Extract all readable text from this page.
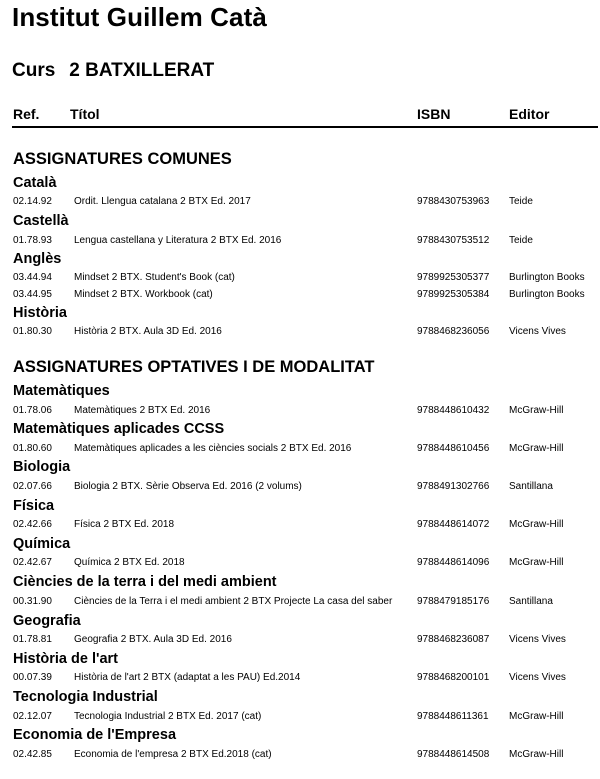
Institut Guillem Catà
Curs 2 BATXILLERAT
Ref. Títol	ISBN	Editor
ASSIGNATURES COMUNES
Català
02.14.92 Ordit. Llengua catalana 2 BTX Ed. 2017	9788430753963 Teide
Castellà
01.78.93 Lengua castellana y Literatura 2 BTX Ed. 2016	9788430753512 Teide
Anglès
03.44.94 Mindset 2 BTX. Student's Book (cat)	9789925305377 Burlington Books
03.44.95 Mindset 2 BTX. Workbook (cat)	9789925305384 Burlington Books
Història
01.80.30 Història 2 BTX. Aula 3D Ed. 2016	9788468236056 Vicens Vives
ASSIGNATURES OPTATIVES I DE MODALITAT
Matemàtiques
01.78.06 Matemàtiques 2 BTX Ed. 2016	9788448610432 McGraw-Hill
Matemàtiques aplicades CCSS
01.80.60 Matemàtiques aplicades a les ciències socials 2 BTX Ed. 2016	9788448610456 McGraw-Hill
Biologia
02.07.66 Biologia 2 BTX. Sèrie Observa Ed. 2016 (2 volums)	9788491302766 Santillana
Física
02.42.66 Física 2 BTX Ed. 2018	9788448614072 McGraw-Hill
Química
02.42.67 Química 2 BTX Ed. 2018	9788448614096 McGraw-Hill
Ciències de la terra i del medi ambient
00.31.90 Ciències de la Terra i el medi ambient 2 BTX Projecte La casa del saber 9788479185176 Santillana
Geografia
01.78.81 Geografia 2 BTX. Aula 3D Ed. 2016	9788468236087 Vicens Vives
Història de l'art
00.07.39 Història de l'art 2 BTX (adaptat a les PAU) Ed.2014	9788468200101 Vicens Vives
Tecnologia Industrial
02.12.07 Tecnologia Industrial 2 BTX Ed. 2017 (cat)	9788448611361 McGraw-Hill
Economia de l'Empresa
02.42.85 Economia de l'empresa 2 BTX Ed.2018 (cat)	9788448614508 McGraw-Hill
